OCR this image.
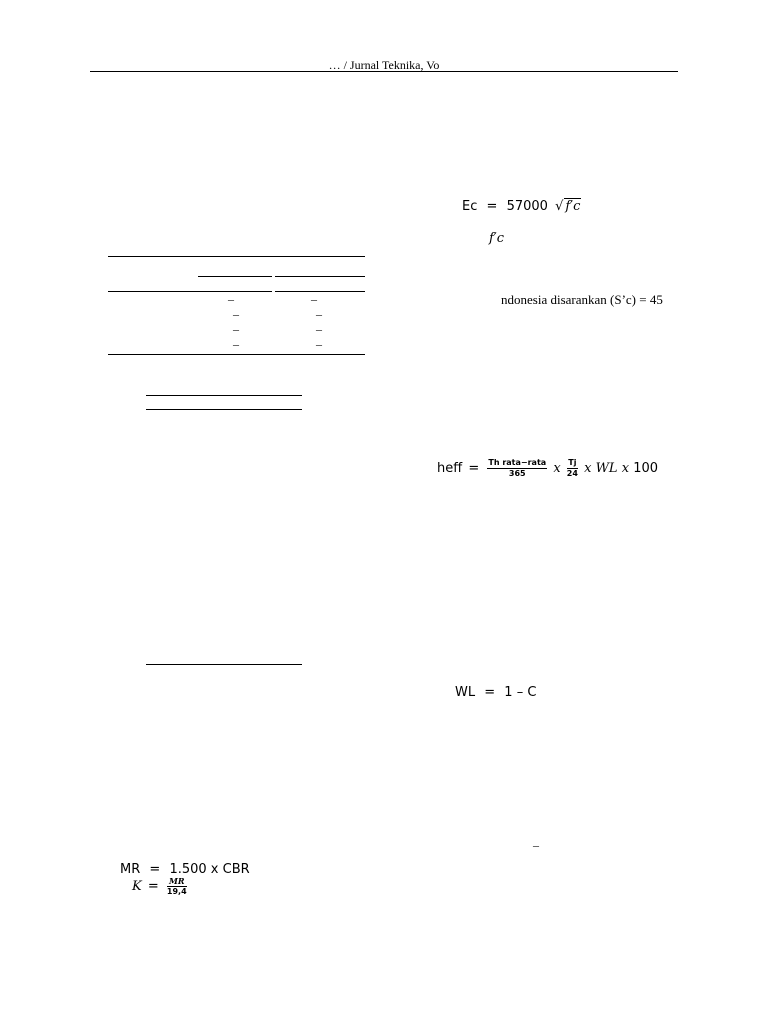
… / Jurnal Teknika, Vo
–	–
–	–
–	–
–	–
Ec = 57000 √ f′c
f′c
ndonesia disarankan (S’c) = 45
heff = $\frac{\text{Th rata−rata}}{365}$ x $\frac{Tj}{24}$ x WL x 100
WL = 1 – C
–
MR = 1.500 x CBR
$K = \frac{MR}{19,4}$
